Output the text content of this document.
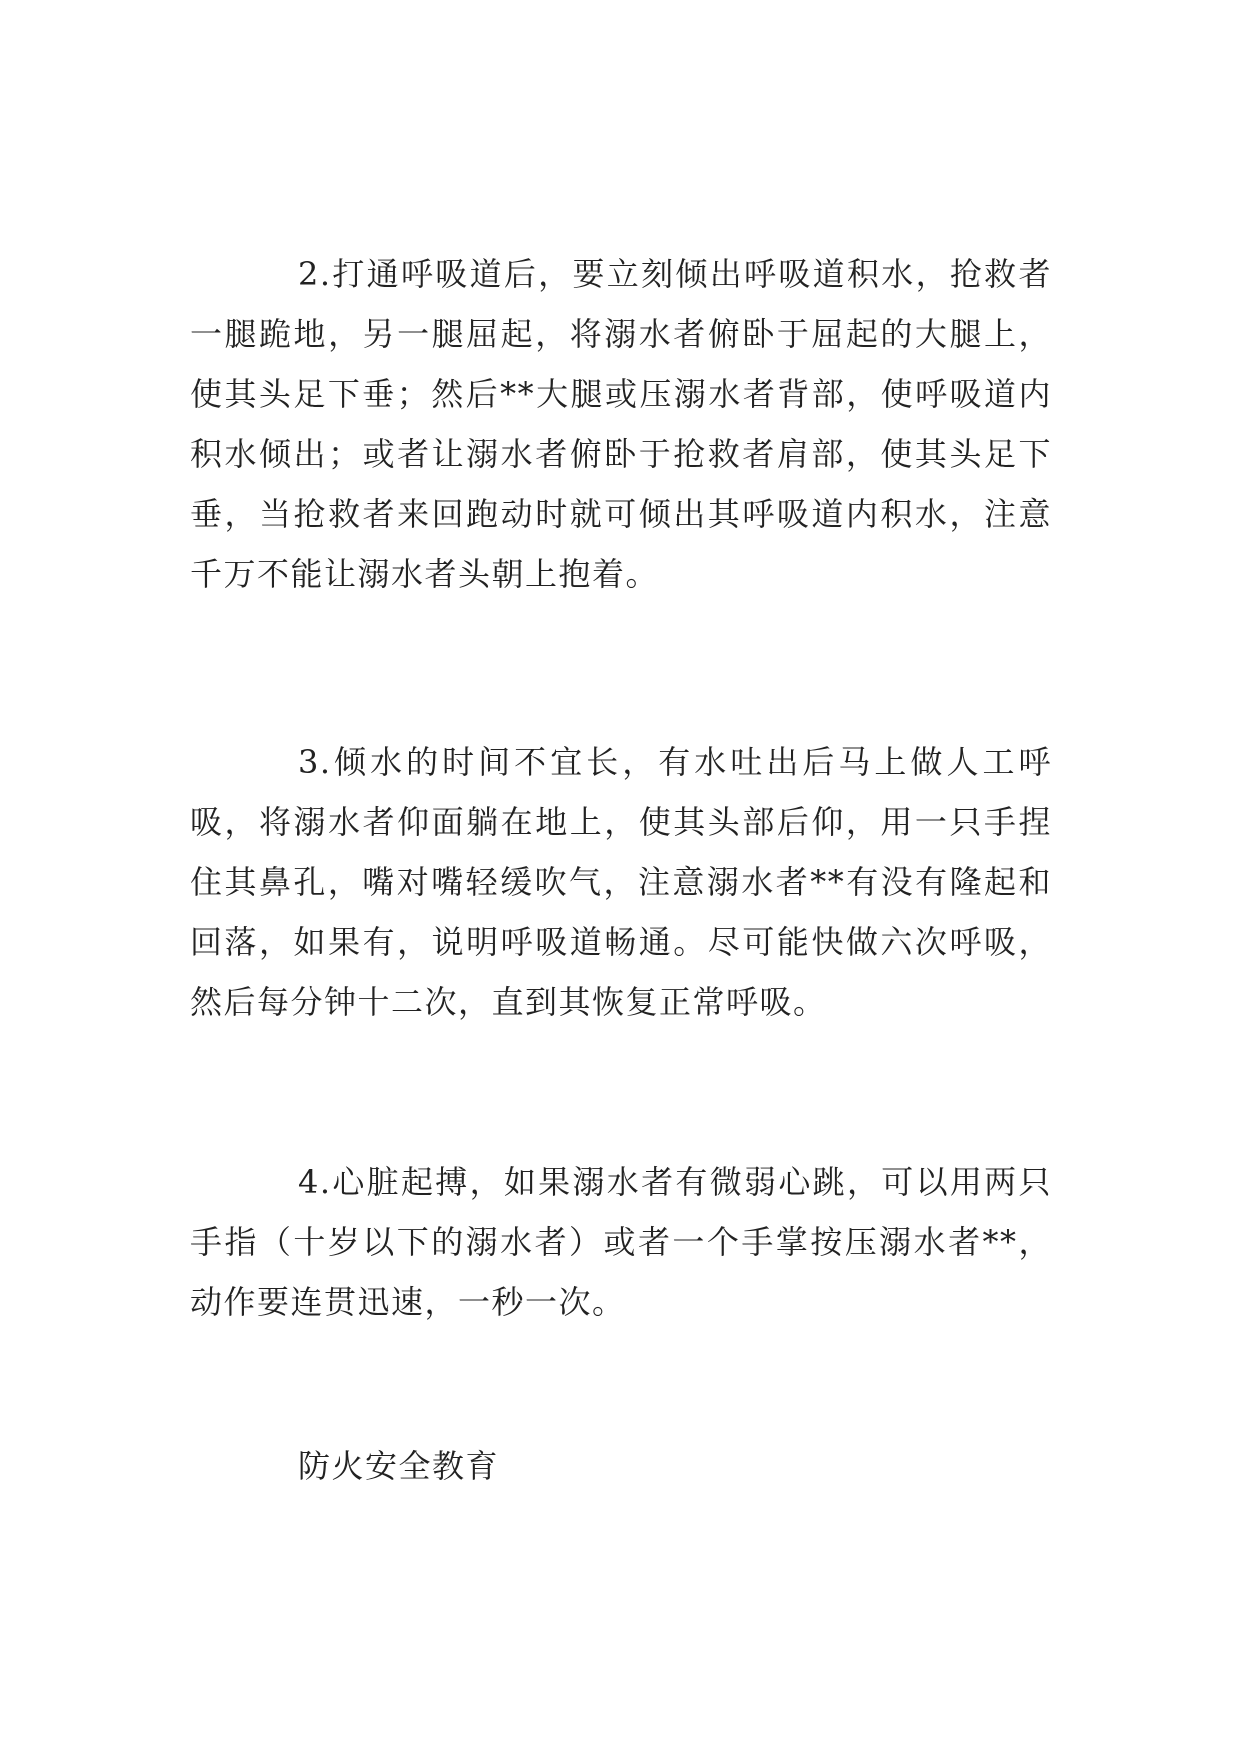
2.打通呼吸道后，要立刻倾出呼吸道积水，抢救者一腿跪地，另一腿屈起，将溺水者俯卧于屈起的大腿上，使其头足下垂；然后**大腿或压溺水者背部，使呼吸道内积水倾出；或者让溺水者俯卧于抢救者肩部，使其头足下垂，当抢救者来回跑动时就可倾出其呼吸道内积水，注意千万不能让溺水者头朝上抱着。

3.倾水的时间不宜长，有水吐出后马上做人工呼吸，将溺水者仰面躺在地上，使其头部后仰，用一只手捏住其鼻孔，嘴对嘴轻缓吹气，注意溺水者**有没有隆起和回落，如果有，说明呼吸道畅通。尽可能快做六次呼吸，然后每分钟十二次，直到其恢复正常呼吸。

4.心脏起搏，如果溺水者有微弱心跳，可以用两只手指（十岁以下的溺水者）或者一个手掌按压溺水者**，动作要连贯迅速，一秒一次。

防火安全教育
